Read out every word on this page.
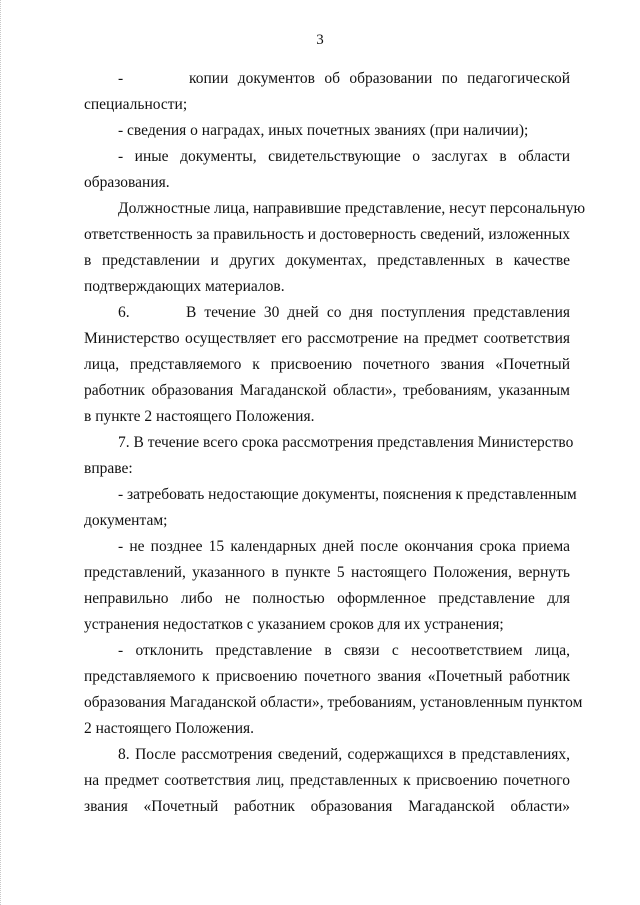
3
-       копии документов об образовании по педагогической
специальности;
- сведения о наградах, иных почетных званиях (при наличии);
- иные документы, свидетельствующие о заслугах в области
образования.
Должностные лица, направившие представление, несут персональную
ответственность за правильность и достоверность сведений, изложенных
в представлении и других документах, представленных в качестве
подтверждающих материалов.
6.       В течение 30 дней со дня поступления представления
Министерство осуществляет его рассмотрение на предмет соответствия
лица, представляемого к присвоению почетного звания «Почетный
работник образования Магаданской области», требованиям, указанным
в пункте 2 настоящего Положения.
7. В течение всего срока рассмотрения представления Министерство
вправе:
- затребовать недостающие документы, пояснения к представленным
документам;
- не позднее 15 календарных дней после окончания срока приема
представлений, указанного в пункте 5 настоящего Положения, вернуть
неправильно либо не полностью оформленное представление для
устранения недостатков с указанием сроков для их устранения;
- отклонить представление в связи с несоответствием лица,
представляемого к присвоению почетного звания «Почетный работник
образования Магаданской области», требованиям, установленным пунктом
2 настоящего Положения.
8. После рассмотрения сведений, содержащихся в представлениях,
на предмет соответствия лиц, представленных к присвоению почетного
звания «Почетный работник образования Магаданской области»
